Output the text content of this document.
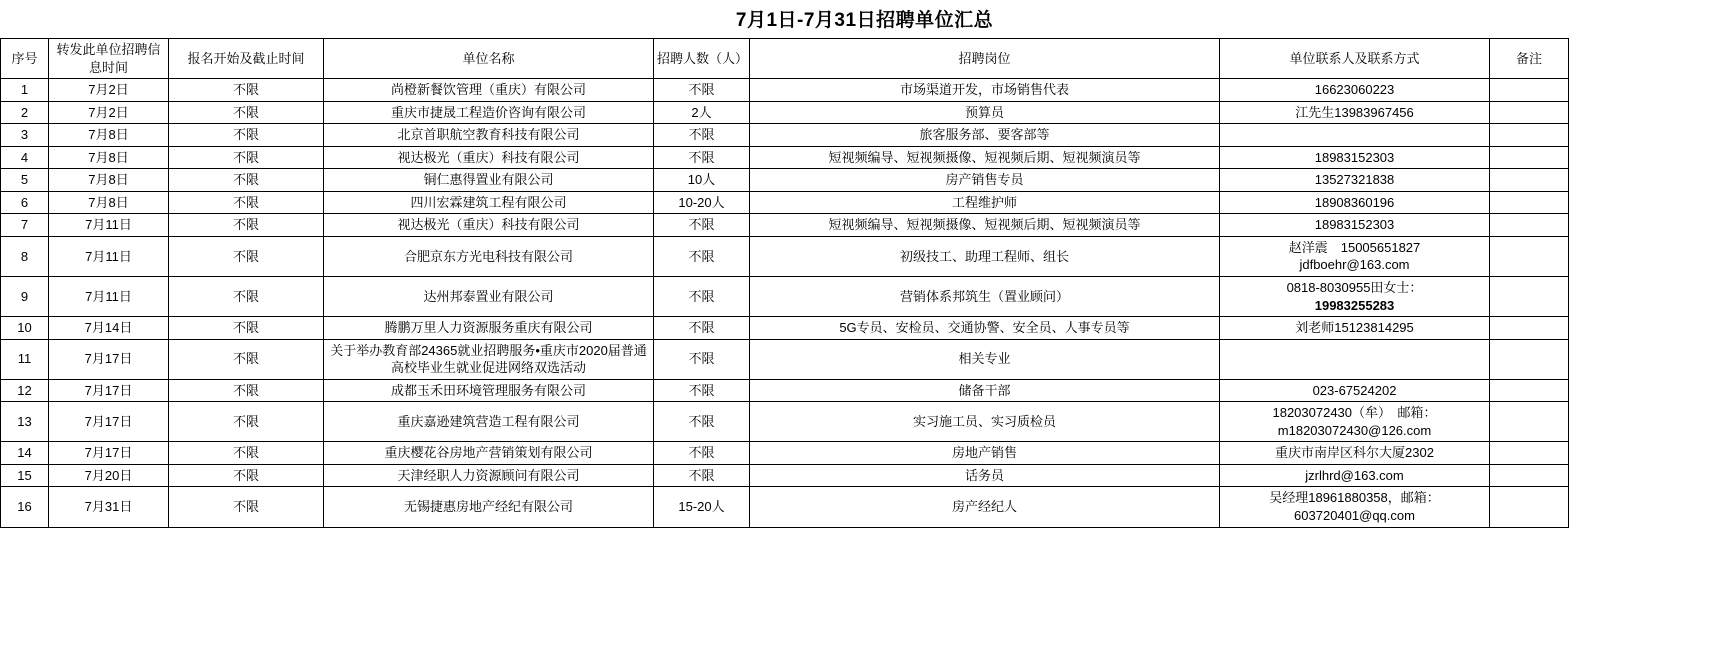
7月1日-7月31日招聘单位汇总
序号	转发此单位招聘信息时间	报名开始及截止时间	单位名称	招聘人数（人）	招聘岗位	单位联系人及联系方式	备注
1	7月2日	不限	尚橙新餐饮管理（重庆）有限公司	不限	市场渠道开发，市场销售代表	16623060223	
2	7月2日	不限	重庆市捷晟工程造价咨询有限公司	2人	预算员	江先生13983967456	
3	7月8日	不限	北京首职航空教育科技有限公司	不限	旅客服务部、要客部等		
4	7月8日	不限	视达极光（重庆）科技有限公司	不限	短视频编导、短视频摄像、短视频后期、短视频演员等	18983152303	
5	7月8日	不限	铜仁惠得置业有限公司	10人	房产销售专员	13527321838	
6	7月8日	不限	四川宏霖建筑工程有限公司	10-20人	工程维护师	18908360196	
7	7月11日	不限	视达极光（重庆）科技有限公司	不限	短视频编导、短视频摄像、短视频后期、短视频演员等	18983152303	
8	7月11日	不限	合肥京东方光电科技有限公司	不限	初级技工、助理工程师、组长	赵洋震　15005651827
jdfboehr@163.com	

9	7月11日	不限	达州邦泰置业有限公司	不限	营销体系邦筑生（置业顾问）	0818-8030955田女士：
19983255283	

10	7月14日	不限	腾鹏万里人力资源服务重庆有限公司	不限	5G专员、安检员、交通协警、安全员、人事专员等	刘老师15123814295	
11	7月17日	不限	关于举办教育部24365就业招聘服务•重庆市2020届普通高校毕业生就业促进网络双选活动	不限	相关专业		
12	7月17日	不限	成都玉禾田环境管理服务有限公司	不限	储备干部	023-67524202	
13	7月17日	不限	重庆嘉逊建筑营造工程有限公司	不限	实习施工员、实习质检员	18203072430（牟）　邮箱：
m18203072430@126.com	

14	7月17日	不限	重庆樱花谷房地产营销策划有限公司	不限	房地产销售	重庆市南岸区科尔大厦2302	
15	7月20日	不限	天津经职人力资源顾问有限公司	不限	话务员	jzrlhrd@163.com	
16	7月31日	不限	无锡捷惠房地产经纪有限公司	15-20人	房产经纪人	吴经理18961880358，邮箱：
603720401@qq.com	
